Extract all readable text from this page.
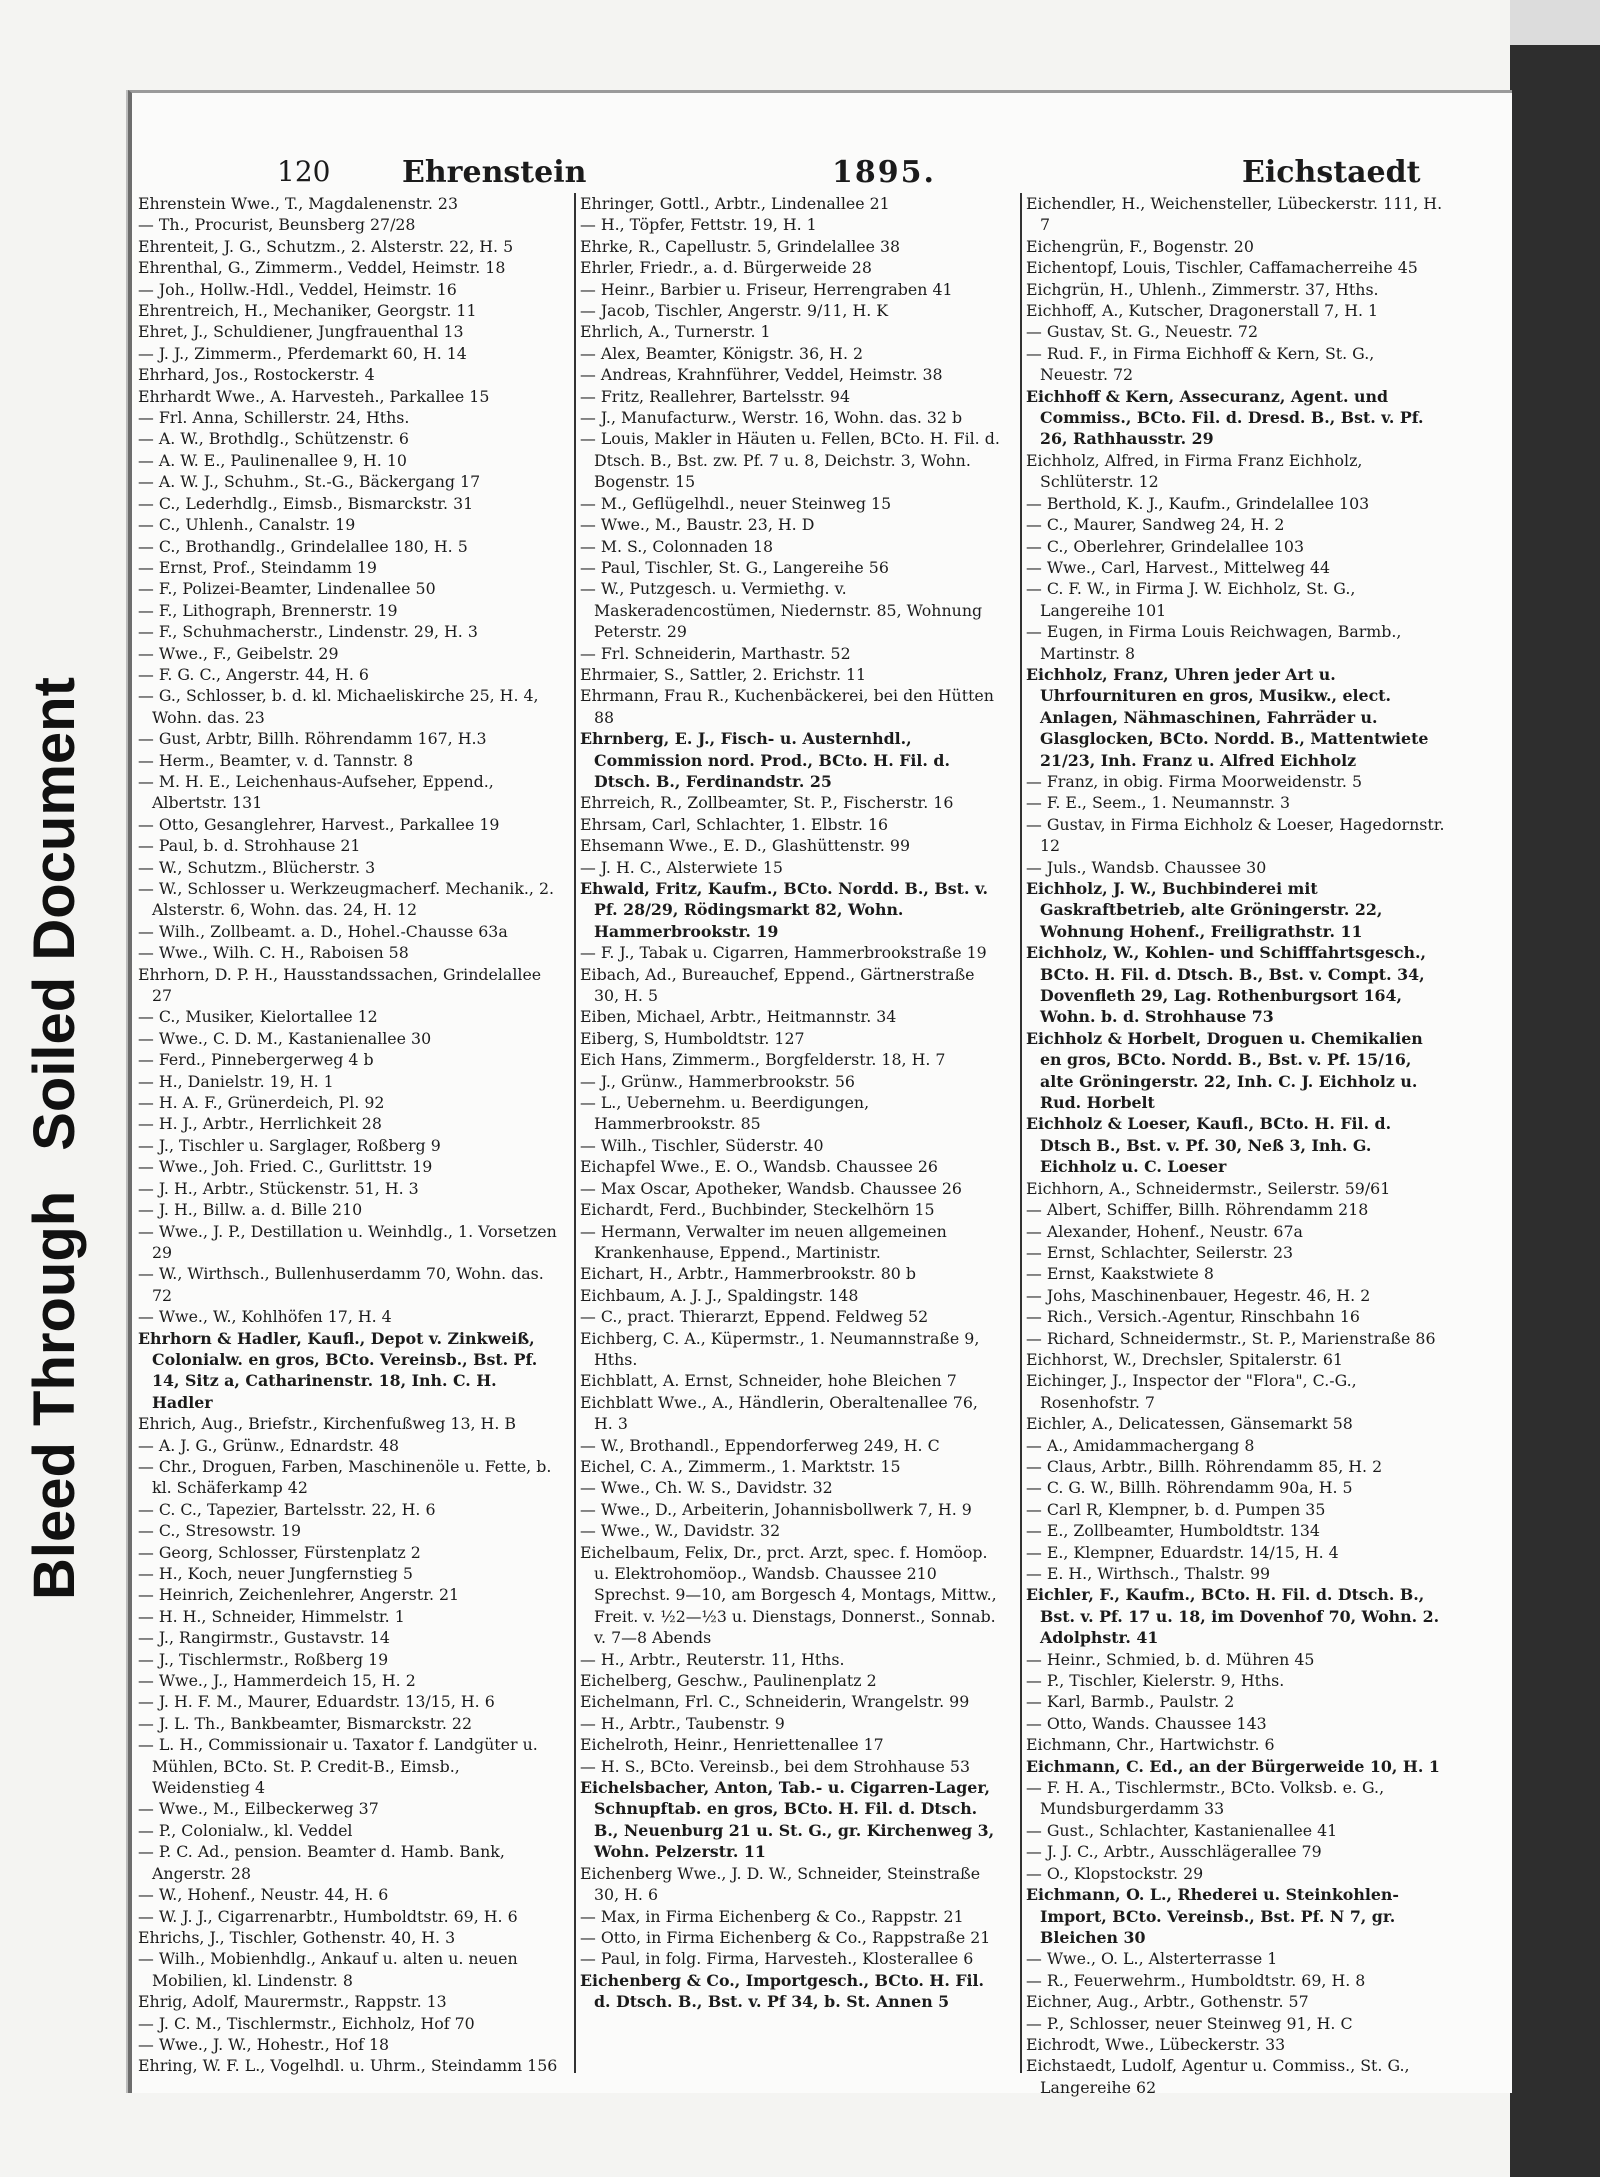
Bleed ThroughSoiled Document
120 Ehrenstein	1895.	Eichstaedt

Ehrenstein Wwe., T., Magdalenenstr. 23

— Th., Procurist, Beunsberg 27/28

Ehrenteit, J. G., Schutzm., 2. Alsterstr. 22, H. 5

Ehrenthal, G., Zimmerm., Veddel, Heimstr. 18

— Joh., Hollw.-Hdl., Veddel, Heimstr. 16

Ehrentreich, H., Mechaniker, Georgstr. 11

Ehret, J., Schuldiener, Jungfrauenthal 13

— J. J., Zimmerm., Pferdemarkt 60, H. 14

Ehrhard, Jos., Rostockerstr. 4

Ehrhardt Wwe., A. Harvesteh., Parkallee 15

— Frl. Anna, Schillerstr. 24, Hths.

— A. W., Brothdlg., Schützenstr. 6

— A. W. E., Paulinenallee 9, H. 10

— A. W. J., Schuhm., St.-G., Bäckergang 17

— C., Lederhdlg., Eimsb., Bismarckstr. 31

— C., Uhlenh., Canalstr. 19

— C., Brothandlg., Grindelallee 180, H. 5

— Ernst, Prof., Steindamm 19

— F., Polizei-Beamter, Lindenallee 50

— F., Lithograph, Brennerstr. 19

— F., Schuhmacherstr., Lindenstr. 29, H. 3

— Wwe., F., Geibelstr. 29

— F. G. C., Angerstr. 44, H. 6

— G., Schlosser, b. d. kl. Michaeliskirche 25, H. 4, Wohn. das. 23

— Gust, Arbtr, Billh. Röhrendamm 167, H.3

— Herm., Beamter, v. d. Tannstr. 8

— M. H. E., Leichenhaus-Aufseher, Eppend., Albertstr. 131

— Otto, Gesanglehrer, Harvest., Parkallee 19

— Paul, b. d. Strohhause 21

— W., Schutzm., Blücherstr. 3

— W., Schlosser u. Werkzeugmacherf. Mechanik., 2. Alsterstr. 6, Wohn. das. 24, H. 12

— Wilh., Zollbeamt. a. D., Hohel.-Chausse 63a

— Wwe., Wilh. C. H., Raboisen 58

Ehrhorn, D. P. H., Hausstandssachen, Grindelallee 27

— C., Musiker, Kielortallee 12

— Wwe., C. D. M., Kastanienallee 30

— Ferd., Pinnebergerweg 4 b

— H., Danielstr. 19, H. 1

— H. A. F., Grünerdeich, Pl. 92

— H. J., Arbtr., Herrlichkeit 28

— J., Tischler u. Sarglager, Roßberg 9

— Wwe., Joh. Fried. C., Gurlittstr. 19

— J. H., Arbtr., Stückenstr. 51, H. 3

— J. H., Billw. a. d. Bille 210

— Wwe., J. P., Destillation u. Weinhdlg., 1. Vorsetzen 29

— W., Wirthsch., Bullenhuserdamm 70, Wohn. das. 72

— Wwe., W., Kohlhöfen 17, H. 4

Ehrhorn & Hadler, Kaufl., Depot v. Zinkweiß, Colonialw. en gros, BCto. Vereinsb., Bst. Pf. 14, Sitz a, Catharinenstr. 18, Inh. C. H. Hadler

Ehrich, Aug., Briefstr., Kirchenfußweg 13, H. B

— A. J. G., Grünw., Ednardstr. 48

— Chr., Droguen, Farben, Maschinenöle u. Fette, b. kl. Schäferkamp 42

— C. C., Tapezier, Bartelsstr. 22, H. 6

— C., Stresowstr. 19

— Georg, Schlosser, Fürstenplatz 2

— H., Koch, neuer Jungfernstieg 5

— Heinrich, Zeichenlehrer, Angerstr. 21

— H. H., Schneider, Himmelstr. 1

— J., Rangirmstr., Gustavstr. 14

— J., Tischlermstr., Roßberg 19

— Wwe., J., Hammerdeich 15, H. 2

— J. H. F. M., Maurer, Eduardstr. 13/15, H. 6

— J. L. Th., Bankbeamter, Bismarckstr. 22

— L. H., Commissionair u. Taxator f. Landgüter u. Mühlen, BCto. St. P. Credit-B., Eimsb., Weidenstieg 4

— Wwe., M., Eilbeckerweg 37

— P., Colonialw., kl. Veddel

— P. C. Ad., pension. Beamter d. Hamb. Bank, Angerstr. 28

— W., Hohenf., Neustr. 44, H. 6

— W. J. J., Cigarrenarbtr., Humboldtstr. 69, H. 6

Ehrichs, J., Tischler, Gothenstr. 40, H. 3

— Wilh., Mobienhdlg., Ankauf u. alten u. neuen Mobilien, kl. Lindenstr. 8

Ehrig, Adolf, Maurermstr., Rappstr. 13

— J. C. M., Tischlermstr., Eichholz, Hof 70

— Wwe., J. W., Hohestr., Hof 18

Ehring, W. F. L., Vogelhdl. u. Uhrm., Steindamm 156

Ehringer, Gottl., Arbtr., Lindenallee 21

— H., Töpfer, Fettstr. 19, H. 1

Ehrke, R., Capellustr. 5, Grindelallee 38

Ehrler, Friedr., a. d. Bürgerweide 28

— Heinr., Barbier u. Friseur, Herrengraben 41

— Jacob, Tischler, Angerstr. 9/11, H. K

Ehrlich, A., Turnerstr. 1

— Alex, Beamter, Königstr. 36, H. 2

— Andreas, Krahnführer, Veddel, Heimstr. 38

— Fritz, Reallehrer, Bartelsstr. 94

— J., Manufacturw., Werstr. 16, Wohn. das. 32 b

— Louis, Makler in Häuten u. Fellen, BCto. H. Fil. d. Dtsch. B., Bst. zw. Pf. 7 u. 8, Deichstr. 3, Wohn. Bogenstr. 15

— M., Geflügelhdl., neuer Steinweg 15

— Wwe., M., Baustr. 23, H. D

— M. S., Colonnaden 18

— Paul, Tischler, St. G., Langereihe 56

— W., Putzgesch. u. Vermiethg. v. Maskeradencostümen, Niedernstr. 85, Wohnung Peterstr. 29

— Frl. Schneiderin, Marthastr. 52

Ehrmaier, S., Sattler, 2. Erichstr. 11

Ehrmann, Frau R., Kuchenbäckerei, bei den Hütten 88

Ehrnberg, E. J., Fisch- u. Austernhdl., Commission nord. Prod., BCto. H. Fil. d. Dtsch. B., Ferdinandstr. 25

Ehrreich, R., Zollbeamter, St. P., Fischerstr. 16

Ehrsam, Carl, Schlachter, 1. Elbstr. 16

Ehsemann Wwe., E. D., Glashüttenstr. 99

— J. H. C., Alsterwiete 15

Ehwald, Fritz, Kaufm., BCto. Nordd. B., Bst. v. Pf. 28/29, Rödingsmarkt 82, Wohn. Hammerbrookstr. 19

— F. J., Tabak u. Cigarren, Hammerbrookstraße 19

Eibach, Ad., Bureauchef, Eppend., Gärtnerstraße 30, H. 5

Eiben, Michael, Arbtr., Heitmannstr. 34

Eiberg, S, Humboldtstr. 127

Eich Hans, Zimmerm., Borgfelderstr. 18, H. 7

— J., Grünw., Hammerbrookstr. 56

— L., Uebernehm. u. Beerdigungen, Hammerbrookstr. 85

— Wilh., Tischler, Süderstr. 40

Eichapfel Wwe., E. O., Wandsb. Chaussee 26

— Max Oscar, Apotheker, Wandsb. Chaussee 26

Eichardt, Ferd., Buchbinder, Steckelhörn 15

— Hermann, Verwalter im neuen allgemeinen Krankenhause, Eppend., Martinistr.

Eichart, H., Arbtr., Hammerbrookstr. 80 b

Eichbaum, A. J. J., Spaldingstr. 148

— C., pract. Thierarzt, Eppend. Feldweg 52

Eichberg, C. A., Küpermstr., 1. Neumannstraße 9, Hths.

Eichblatt, A. Ernst, Schneider, hohe Bleichen 7

Eichblatt Wwe., A., Händlerin, Oberaltenallee 76, H. 3

— W., Brothandl., Eppendorferweg 249, H. C

Eichel, C. A., Zimmerm., 1. Marktstr. 15

— Wwe., Ch. W. S., Davidstr. 32

— Wwe., D., Arbeiterin, Johannisbollwerk 7, H. 9

— Wwe., W., Davidstr. 32

Eichelbaum, Felix, Dr., prct. Arzt, spec. f. Homöop. u. Elektrohomöop., Wandsb. Chaussee 210 Sprechst. 9—10, am Borgesch 4, Montags, Mittw., Freit. v. ½2—½3 u. Dienstags, Donnerst., Sonnab. v. 7—8 Abends

— H., Arbtr., Reuterstr. 11, Hths.

Eichelberg, Geschw., Paulinenplatz 2

Eichelmann, Frl. C., Schneiderin, Wrangelstr. 99

— H., Arbtr., Taubenstr. 9

Eichelroth, Heinr., Henriettenallee 17

— H. S., BCto. Vereinsb., bei dem Strohhause 53

Eichelsbacher, Anton, Tab.- u. Cigarren-Lager, Schnupftab. en gros, BCto. H. Fil. d. Dtsch. B., Neuenburg 21 u. St. G., gr. Kirchenweg 3, Wohn. Pelzerstr. 11

Eichenberg Wwe., J. D. W., Schneider, Steinstraße 30, H. 6

— Max, in Firma Eichenberg & Co., Rappstr. 21

— Otto, in Firma Eichenberg & Co., Rappstraße 21

— Paul, in folg. Firma, Harvesteh., Klosterallee 6

Eichenberg & Co., Importgesch., BCto. H. Fil. d. Dtsch. B., Bst. v. Pf 34, b. St. Annen 5

Eichendler, H., Weichensteller, Lübeckerstr. 111, H. 7

Eichengrün, F., Bogenstr. 20

Eichentopf, Louis, Tischler, Caffamacherreihe 45

Eichgrün, H., Uhlenh., Zimmerstr. 37, Hths.

Eichhoff, A., Kutscher, Dragonerstall 7, H. 1

— Gustav, St. G., Neuestr. 72

— Rud. F., in Firma Eichhoff & Kern, St. G., Neuestr. 72

Eichhoff & Kern, Assecuranz, Agent. und Commiss., BCto. Fil. d. Dresd. B., Bst. v. Pf. 26, Rathhausstr. 29

Eichholz, Alfred, in Firma Franz Eichholz, Schlüterstr. 12

— Berthold, K. J., Kaufm., Grindelallee 103

— C., Maurer, Sandweg 24, H. 2

— C., Oberlehrer, Grindelallee 103

— Wwe., Carl, Harvest., Mittelweg 44

— C. F. W., in Firma J. W. Eichholz, St. G., Langereihe 101

— Eugen, in Firma Louis Reichwagen, Barmb., Martinstr. 8

Eichholz, Franz, Uhren jeder Art u. Uhrfournituren en gros, Musikw., elect. Anlagen, Nähmaschinen, Fahrräder u. Glasglocken, BCto. Nordd. B., Mattentwiete 21/23, Inh. Franz u. Alfred Eichholz

— Franz, in obig. Firma Moorweidenstr. 5

— F. E., Seem., 1. Neumannstr. 3

— Gustav, in Firma Eichholz & Loeser, Hagedornstr. 12

— Juls., Wandsb. Chaussee 30

Eichholz, J. W., Buchbinderei mit Gaskraftbetrieb, alte Gröningerstr. 22, Wohnung Hohenf., Freiligrathstr. 11

Eichholz, W., Kohlen- und Schifffahrtsgesch., BCto. H. Fil. d. Dtsch. B., Bst. v. Compt. 34, Dovenfleth 29, Lag. Rothenburgsort 164, Wohn. b. d. Strohhause 73

Eichholz & Horbelt, Droguen u. Chemikalien en gros, BCto. Nordd. B., Bst. v. Pf. 15/16, alte Gröningerstr. 22, Inh. C. J. Eichholz u. Rud. Horbelt

Eichholz & Loeser, Kaufl., BCto. H. Fil. d. Dtsch B., Bst. v. Pf. 30, Neß 3, Inh. G. Eichholz u. C. Loeser

Eichhorn, A., Schneidermstr., Seilerstr. 59/61

— Albert, Schiffer, Billh. Röhrendamm 218

— Alexander, Hohenf., Neustr. 67a

— Ernst, Schlachter, Seilerstr. 23

— Ernst, Kaakstwiete 8

— Johs, Maschinenbauer, Hegestr. 46, H. 2

— Rich., Versich.-Agentur, Rinschbahn 16

— Richard, Schneidermstr., St. P., Marienstraße 86

Eichhorst, W., Drechsler, Spitalerstr. 61

Eichinger, J., Inspector der "Flora", C.-G., Rosenhofstr. 7

Eichler, A., Delicatessen, Gänsemarkt 58

— A., Amidammachergang 8

— Claus, Arbtr., Billh. Röhrendamm 85, H. 2

— C. G. W., Billh. Röhrendamm 90a, H. 5

— Carl R, Klempner, b. d. Pumpen 35

— E., Zollbeamter, Humboldtstr. 134

— E., Klempner, Eduardstr. 14/15, H. 4

— E. H., Wirthsch., Thalstr. 99

Eichler, F., Kaufm., BCto. H. Fil. d. Dtsch. B., Bst. v. Pf. 17 u. 18, im Dovenhof 70, Wohn. 2. Adolphstr. 41

— Heinr., Schmied, b. d. Mühren 45

— P., Tischler, Kielerstr. 9, Hths.

— Karl, Barmb., Paulstr. 2

— Otto, Wands. Chaussee 143

Eichmann, Chr., Hartwichstr. 6

Eichmann, C. Ed., an der Bürgerweide 10, H. 1

— F. H. A., Tischlermstr., BCto. Volksb. e. G., Mundsburgerdamm 33

— Gust., Schlachter, Kastanienallee 41

— J. J. C., Arbtr., Ausschlägerallee 79

— O., Klopstockstr. 29

Eichmann, O. L., Rhederei u. Steinkohlen-Import, BCto. Vereinsb., Bst. Pf. N 7, gr. Bleichen 30

— Wwe., O. L., Alsterterrasse 1

— R., Feuerwehrm., Humboldtstr. 69, H. 8

Eichner, Aug., Arbtr., Gothenstr. 57

— P., Schlosser, neuer Steinweg 91, H. C

Eichrodt, Wwe., Lübeckerstr. 33

Eichstaedt, Ludolf, Agentur u. Commiss., St. G., Langereihe 62
